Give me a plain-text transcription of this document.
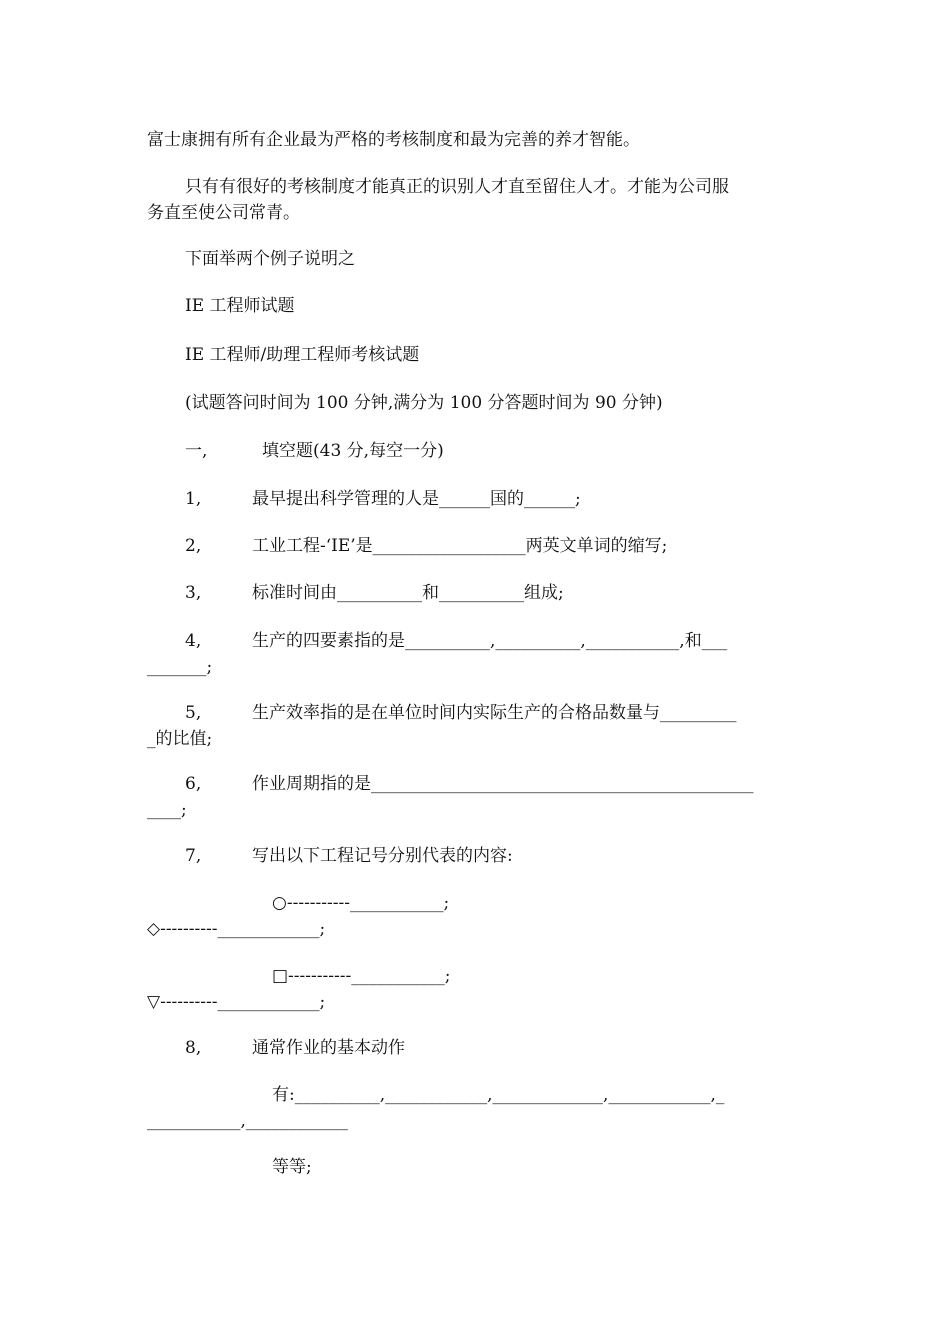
富士康拥有所有企业最为严格的考核制度和最为完善的养才智能。
只有有很好的考核制度才能真正的识别人才直至留住人才。才能为公司服
务直至使公司常青。
下面举两个例子说明之
IE 工程师试题
IE 工程师/助理工程师考核试题
(试题答问时间为 100 分钟,满分为 100 分答题时间为 90 分钟)
一,	填空题(43 分,每空一分)
1,	最早提出科学管理的人是______国的______;
2,	工业工程-‘IE’是__________________两英文单词的缩写;
3,	标准时间由__________和__________组成;
4,	生产的四要素指的是__________,__________,___________,和___
_______;
5,	生产效率指的是在单位时间内实际生产的合格品数量与_________
_的比值;
6,	作业周期指的是_____________________________________________
____;
7,	写出以下工程记号分别代表的内容:
○-----------___________;
◇----------____________;
□-----------___________;
▽----------____________;
8,	通常作业的基本动作
有:__________,____________,_____________,____________,_
___________,____________
等等;
